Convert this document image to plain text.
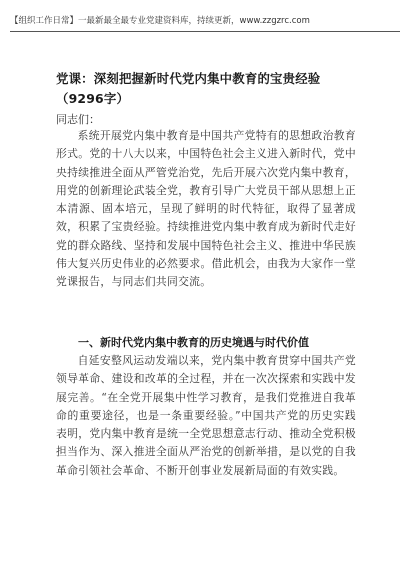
【组织工作日常】一最新最全最专业党建资料库，持续更新，www.zzgzrc.com
党课：深刻把握新时代党内集中教育的宝贵经验（9296字）
同志们：
系统开展党内集中教育是中国共产党特有的思想政治教育形式。党的十八大以来，中国特色社会主义进入新时代，党中央持续推进全面从严管党治党，先后开展六次党内集中教育，用党的创新理论武装全党，教育引导广大党员干部从思想上正本清源、固本培元，呈现了鲜明的时代特征，取得了显著成效，积累了宝贵经验。持续推进党内集中教育成为新时代走好党的群众路线、坚持和发展中国特色社会主义、推进中华民族伟大复兴历史伟业的必然要求。借此机会，由我为大家作一堂党课报告，与同志们共同交流。
一、新时代党内集中教育的历史境遇与时代价值
自延安整风运动发端以来，党内集中教育贯穿中国共产党领导革命、建设和改革的全过程，并在一次次探索和实践中发展完善。“在全党开展集中性学习教育，是我们党推进自我革命的重要途径，也是一条重要经验。”中国共产党的历史实践表明，党内集中教育是统一全党思想意志行动、推动全党积极担当作为、深入推进全面从严治党的创新举措，是以党的自我革命引领社会革命、不断开创事业发展新局面的有效实践。
